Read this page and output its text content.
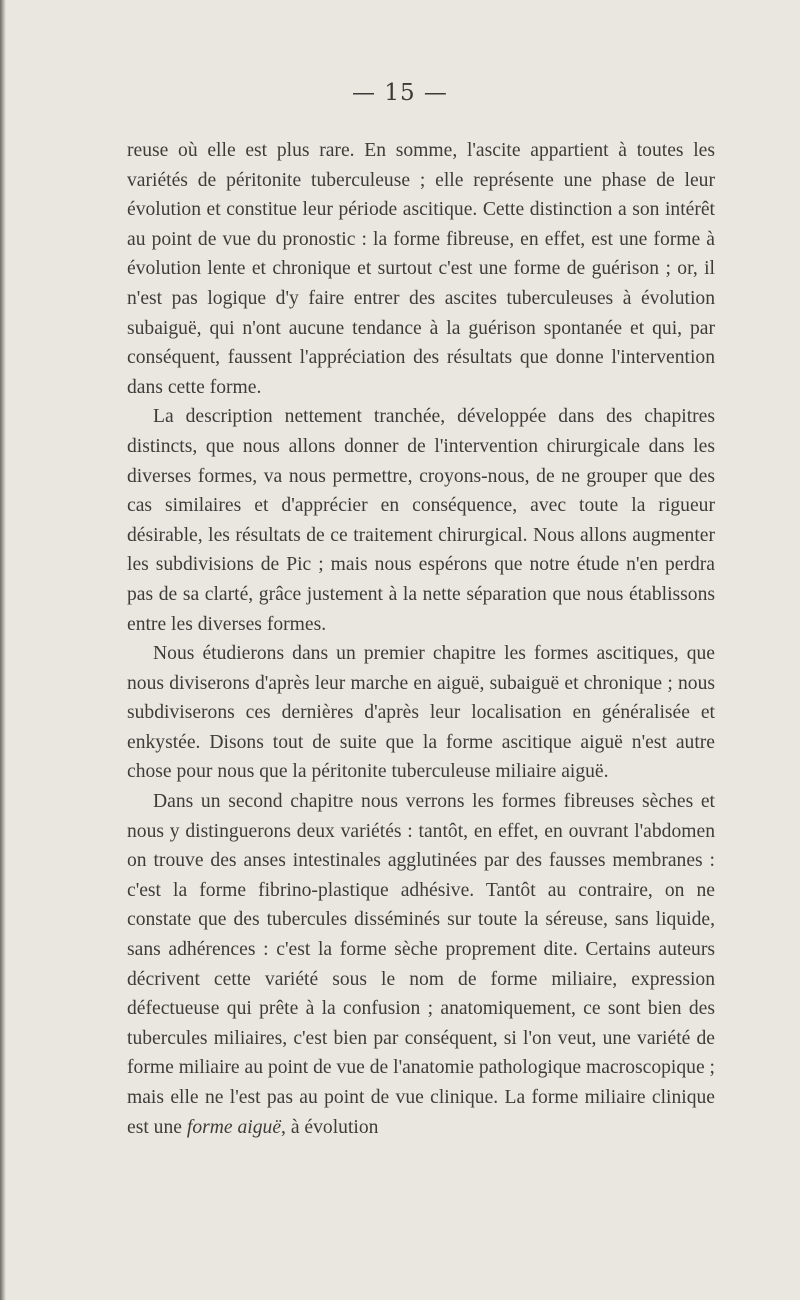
— 15 —

reuse où elle est plus rare. En somme, l'ascite appartient à toutes les variétés de péritonite tuberculeuse ; elle représente une phase de leur évolution et constitue leur période ascitique. Cette distinction a son intérêt au point de vue du pronostic : la forme fibreuse, en effet, est une forme à évolution lente et chronique et surtout c'est une forme de guérison ; or, il n'est pas logique d'y faire entrer des ascites tuberculeuses à évolution subaiguë, qui n'ont aucune tendance à la guérison spontanée et qui, par conséquent, faussent l'appréciation des résultats que donne l'intervention dans cette forme.

La description nettement tranchée, développée dans des chapitres distincts, que nous allons donner de l'intervention chirurgicale dans les diverses formes, va nous permettre, croyons-nous, de ne grouper que des cas similaires et d'apprécier en conséquence, avec toute la rigueur désirable, les résultats de ce traitement chirurgical. Nous allons augmenter les subdivisions de Pic ; mais nous espérons que notre étude n'en perdra pas de sa clarté, grâce justement à la nette séparation que nous établissons entre les diverses formes.

Nous étudierons dans un premier chapitre les formes ascitiques, que nous diviserons d'après leur marche en aiguë, subaiguë et chronique ; nous subdiviserons ces dernières d'après leur localisation en généralisée et enkystée. Disons tout de suite que la forme ascitique aiguë n'est autre chose pour nous que la péritonite tuberculeuse miliaire aiguë.

Dans un second chapitre nous verrons les formes fibreuses sèches et nous y distinguerons deux variétés : tantôt, en effet, en ouvrant l'abdomen on trouve des anses intestinales agglutinées par des fausses membranes : c'est la forme fibrino-plastique adhésive. Tantôt au contraire, on ne constate que des tubercules disséminés sur toute la séreuse, sans liquide, sans adhérences : c'est la forme sèche proprement dite. Certains auteurs décrivent cette variété sous le nom de forme miliaire, expression défectueuse qui prête à la confusion ; anatomiquement, ce sont bien des tubercules miliaires, c'est bien par conséquent, si l'on veut, une variété de forme miliaire au point de vue de l'anatomie pathologique macroscopique ; mais elle ne l'est pas au point de vue clinique. La forme miliaire clinique est une forme aiguë, à évolution
